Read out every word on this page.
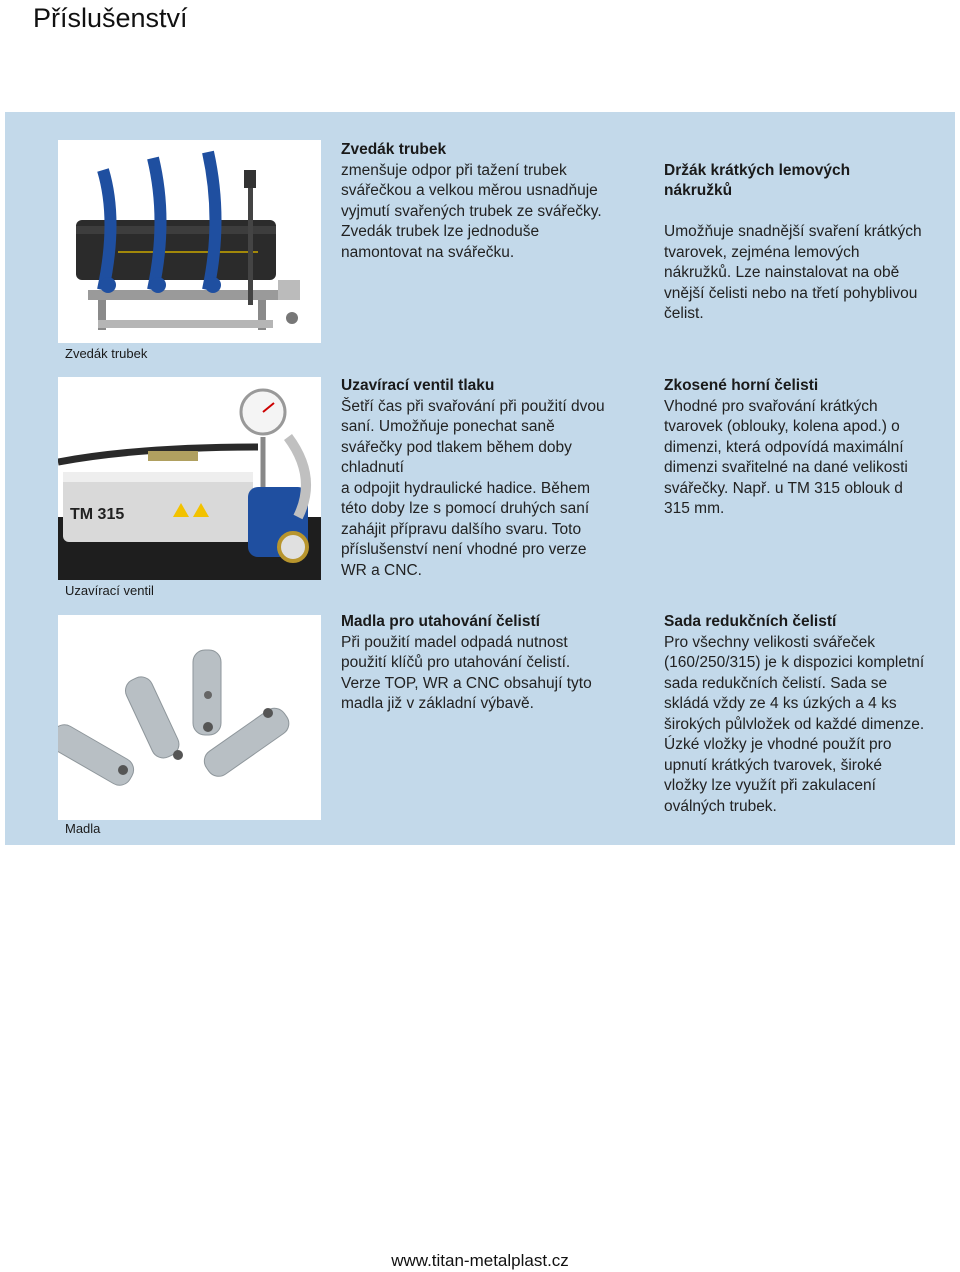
Příslušenství
Zvedák trubek
TM 315
Uzavírací ventil
Madla
Zvedák trubek
zmenšuje odpor při tažení trubek
svářečkou a velkou měrou usnadňuje
vyjmutí svařených trubek ze svářečky.
Zvedák trubek lze jednoduše
namontovat na svářečku.

Držák krátkých lemových
nákružků

Umožňuje snadnější svaření krátkých
tvarovek, zejména lemových
nákružků. Lze nainstalovat na obě
vnější čelisti nebo na třetí pohyblivou
čelist.

Uzavírací ventil tlaku
Šetří čas při svařování při použití dvou
saní. Umožňuje ponechat saně
svářečky pod tlakem během doby
chladnutí
a odpojit hydraulické hadice. Během
této doby lze s pomocí druhých saní
zahájit přípravu dalšího svaru. Toto
příslušenství není vhodné pro verze
WR a CNC.
Zkosené horní čelisti
Vhodné pro svařování krátkých
tvarovek (oblouky, kolena apod.) o
dimenzi, která odpovídá maximální
dimenzi svařitelné na dané velikosti
svářečky. Např. u TM 315 oblouk d
315 mm.
Madla pro utahování čelistí
Při použití madel odpadá nutnost
použití klíčů pro utahování čelistí.
Verze TOP, WR a CNC obsahují tyto
madla již v základní výbavě.
Sada redukčních čelistí
Pro všechny velikosti svářeček
(160/250/315) je k dispozici kompletní
sada redukčních čelistí. Sada se
skládá vždy ze 4 ks úzkých a 4 ks
širokých půlvložek od každé dimenze.
Úzké vložky je vhodné použít pro
upnutí krátkých tvarovek, široké
vložky lze využít při zakulacení
oválných trubek.
www.titan-metalplast.cz
